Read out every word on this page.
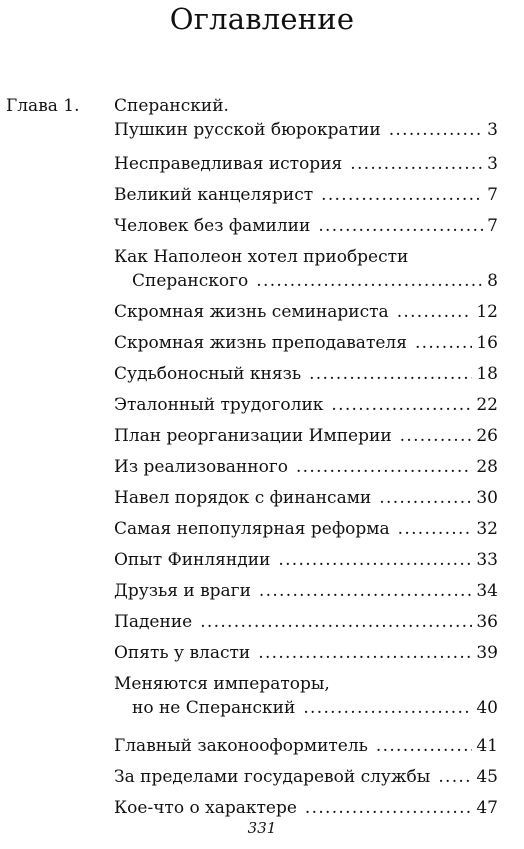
Оглавление
Глава 1. Сперанский.
Пушкин русской бюрократии .....	3
Несправедливая история .....	3
Великий канцелярист .....	7
Человек без фамилии .....	7
Как Наполеон хотел приобрести
Сперанского .....	8
Скромная жизнь семинариста .....	12
Скромная жизнь преподавателя .....	16
Судьбоносный князь .....	18
Эталонный трудоголик .....	22
План реорганизации Империи .....	26
Из реализованного .....	28
Навел порядок с финансами .....	30
Самая непопулярная реформа .....	32
Опыт Финляндии .....	33
Друзья и враги .....	34
Падение .....	36
Опять у власти .....	39
Меняются императоры,
но не Сперанский .....	40
Главный законооформитель .....	41
За пределами государевой службы .....	45
Кое-что о характере .....	47
331
